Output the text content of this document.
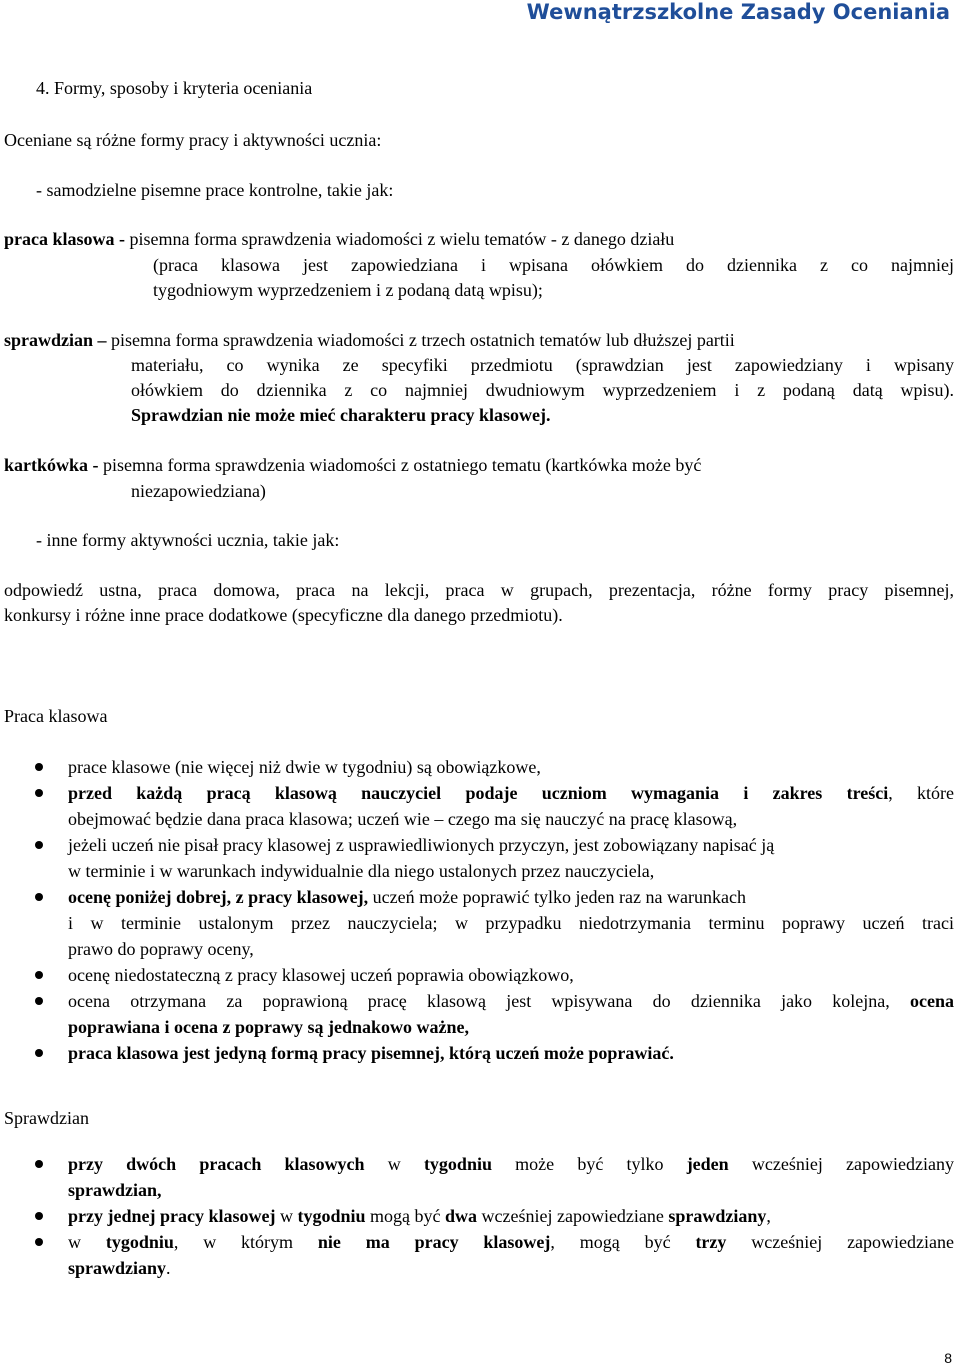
Wewnątrzszkolne Zasady Oceniania
4. Formy, sposoby i kryteria oceniania
Oceniane są różne formy pracy i aktywności ucznia:
- samodzielne pisemne prace kontrolne, takie jak:
praca klasowa - pisemna forma sprawdzenia wiadomości z wielu tematów - z danego działu
(praca klasowa jest zapowiedziana i wpisana ołówkiem do dziennika z co najmniej
tygodniowym wyprzedzeniem i z podaną datą wpisu);
sprawdzian – pisemna forma sprawdzenia wiadomości z trzech ostatnich tematów lub dłuższej partii
materiału, co wynika ze specyfiki przedmiotu (sprawdzian jest zapowiedziany i wpisany
ołówkiem do dziennika z co najmniej dwudniowym wyprzedzeniem i z podaną datą wpisu).
Sprawdzian nie może mieć charakteru pracy klasowej.
kartkówka - pisemna forma sprawdzenia wiadomości z ostatniego tematu (kartkówka może być
niezapowiedziana)
- inne formy aktywności ucznia, takie jak:
odpowiedź ustna, praca domowa, praca na lekcji, praca w grupach, prezentacja, różne formy pracy pisemnej,
konkursy i różne inne prace dodatkowe (specyficzne dla danego przedmiotu).
Praca klasowa
prace klasowe (nie więcej niż dwie w tygodniu) są obowiązkowe,
przed każdą pracą klasową nauczyciel podaje uczniom wymagania i zakres treści, które
obejmować będzie dana praca klasowa; uczeń wie – czego ma się nauczyć na pracę klasową,
jeżeli uczeń nie pisał pracy klasowej z usprawiedliwionych przyczyn, jest zobowiązany napisać ją
w terminie i w warunkach indywidualnie dla niego ustalonych przez nauczyciela,
ocenę poniżej dobrej, z pracy klasowej, uczeń może poprawić tylko jeden raz na warunkach
i w terminie ustalonym przez nauczyciela; w przypadku niedotrzymania terminu poprawy uczeń traci
prawo do poprawy oceny,
ocenę niedostateczną z pracy klasowej uczeń poprawia obowiązkowo,
ocena otrzymana za poprawioną pracę klasową jest wpisywana do dziennika jako kolejna, ocena
poprawiana i ocena z poprawy są jednakowo ważne,
praca klasowa jest jedyną formą pracy pisemnej, którą uczeń może poprawiać.
Sprawdzian
przy dwóch pracach klasowych w tygodniu może być tylko jeden wcześniej zapowiedziany
sprawdzian,
przy jednej pracy klasowej w tygodniu mogą być dwa wcześniej zapowiedziane sprawdziany,
w tygodniu, w którym nie ma pracy klasowej, mogą być trzy wcześniej zapowiedziane
sprawdziany.
8
